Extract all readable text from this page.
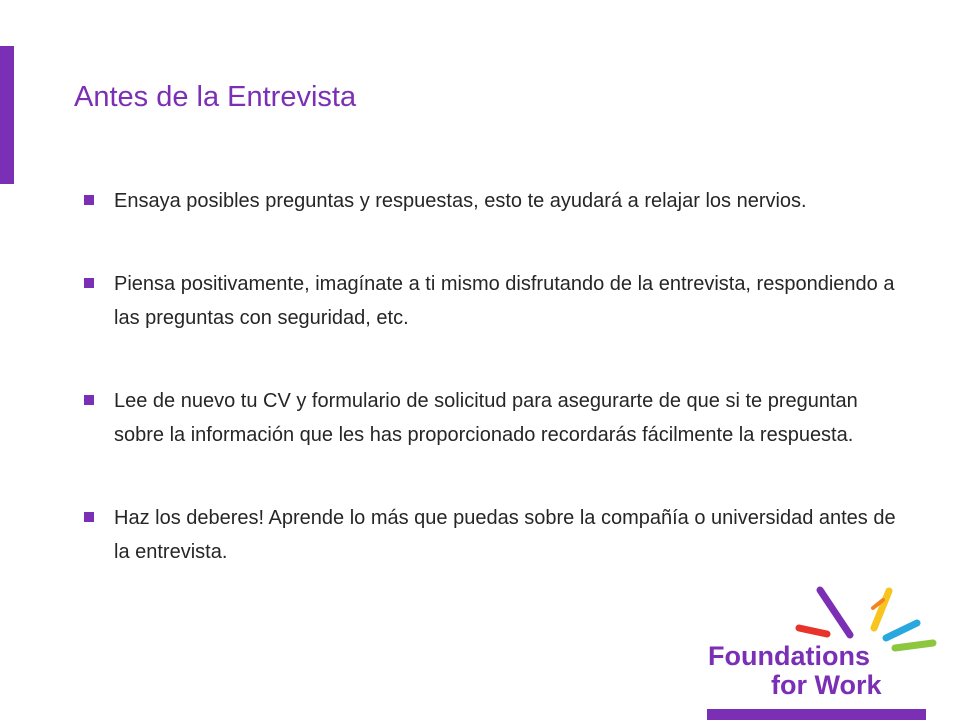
Antes de la Entrevista
Ensaya posibles preguntas y respuestas, esto te ayudará a relajar los nervios.
Piensa positivamente, imagínate a ti mismo disfrutando de la entrevista, respondiendo a las preguntas con seguridad, etc.
Lee de nuevo tu CV y formulario de solicitud para asegurarte de que si te preguntan sobre la información que les has proporcionado recordarás fácilmente la respuesta.
Haz los deberes! Aprende lo más que puedas sobre la compañía o universidad antes de la entrevista.
Foundations
for Work
